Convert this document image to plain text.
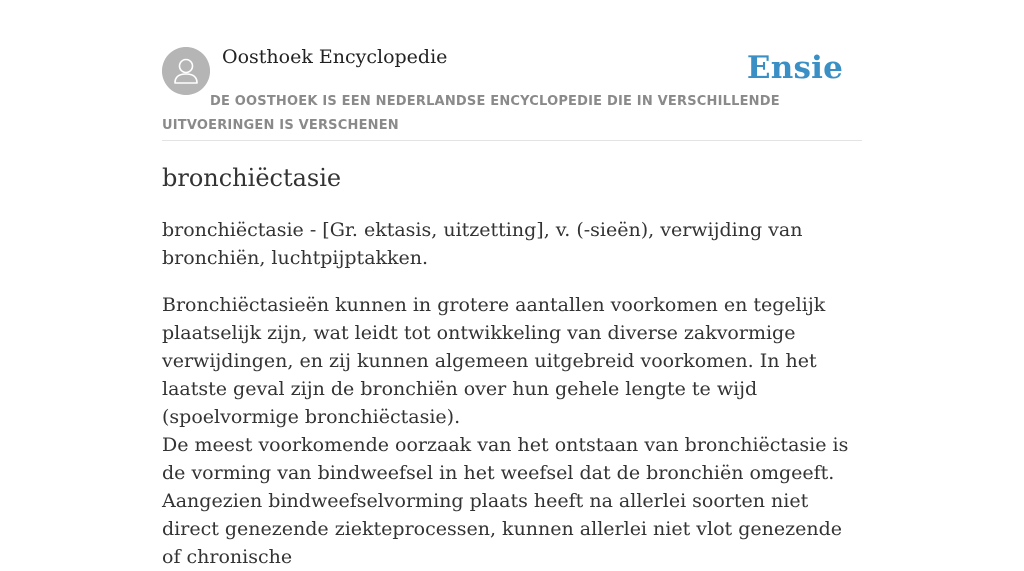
Oosthoek Encyclopedie	Ensie
DE OOSTHOEK IS EEN NEDERLANDSE ENCYCLOPEDIE DIE IN VERSCHILLENDE UITVOERINGEN IS VERSCHENEN
bronchiëctasie

bronchiëctasie - [Gr. ektasis, uitzetting], v. (-sieën), verwijding van bronchiën, luchtpijptakken.

Bronchiëctasieën kunnen in grotere aantallen voorkomen en tegelijk plaatselijk zijn, wat leidt tot ontwikkeling van diverse zakvormige verwijdingen, en zij kunnen algemeen uitgebreid voorkomen. In het laatste geval zijn de bronchiën over hun gehele lengte te wijd (spoelvormige bronchiëctasie).

De meest voorkomende oorzaak van het ontstaan van bronchiëctasie is de vorming van bindweefsel in het weefsel dat de bronchiën omgeeft. Aangezien bindweefselvorming plaats heeft na allerlei soorten niet direct genezende ziekteprocessen, kunnen allerlei niet vlot genezende of chronische
